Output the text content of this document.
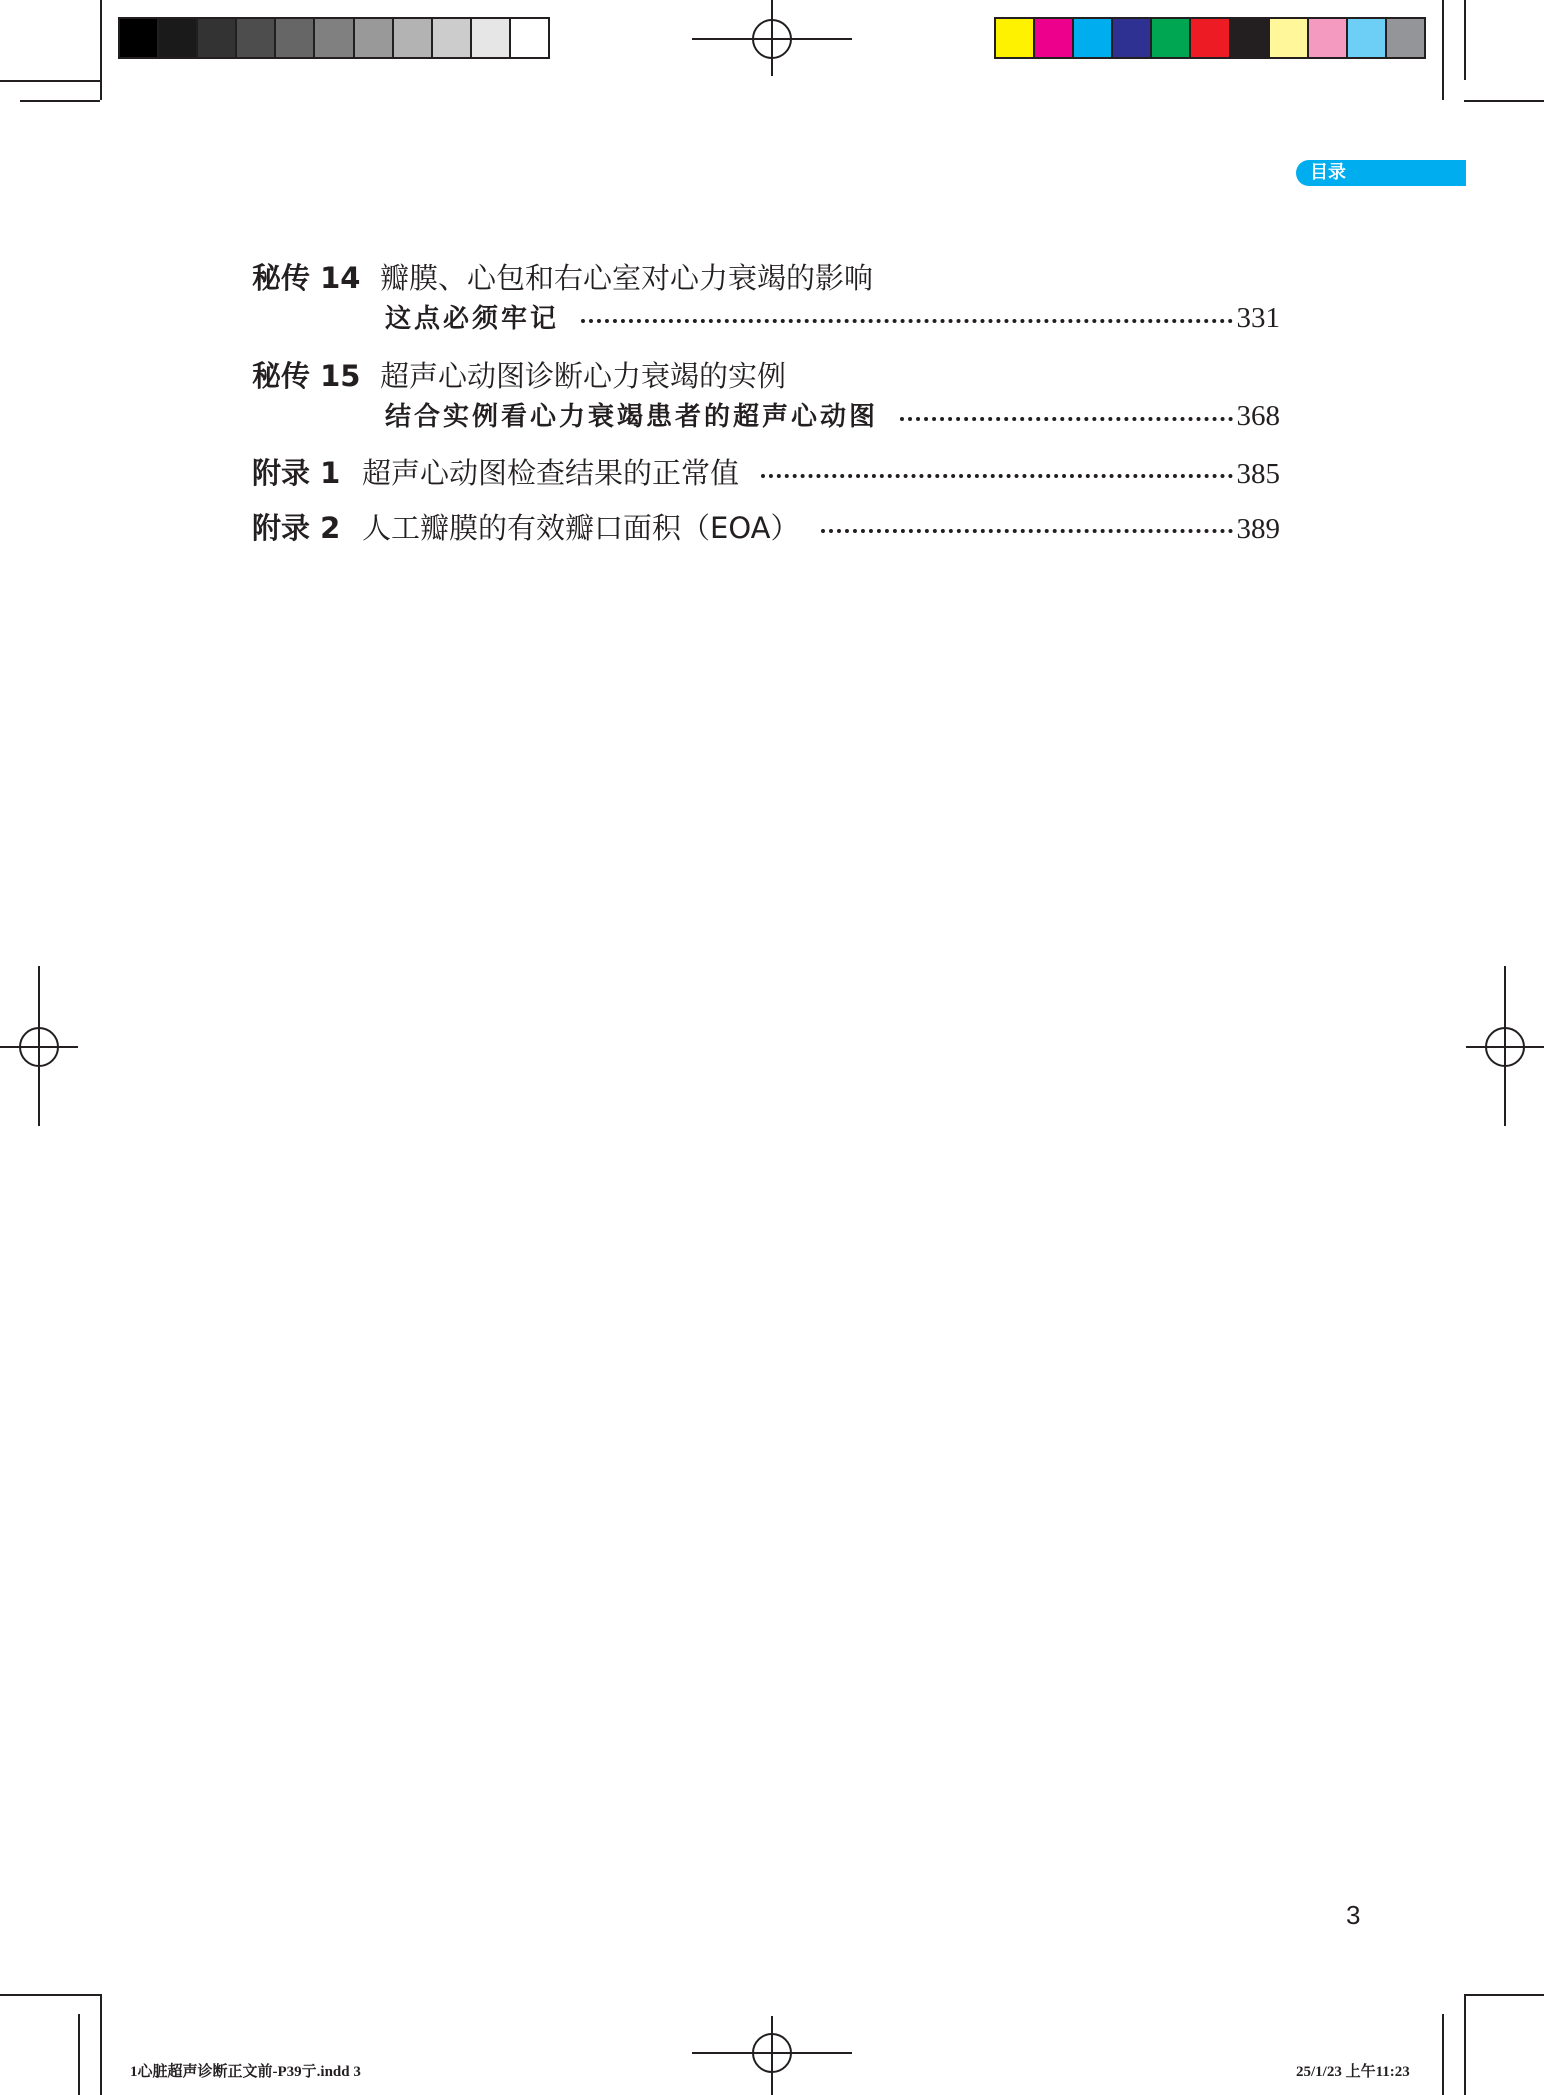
目录
秘传 14 瓣膜、心包和右心室对心力衰竭的影响
这点必须牢记	331
秘传 15 超声心动图诊断心力衰竭的实例
结合实例看心力衰竭患者的超声心动图	368
附录 1 超声心动图检查结果的正常值	385
附录 2 人工瓣膜的有效瓣口面积（EOA）	389
3
1心脏超声诊断正文前-P39亍.indd 3	25/1/23 上午11:23
